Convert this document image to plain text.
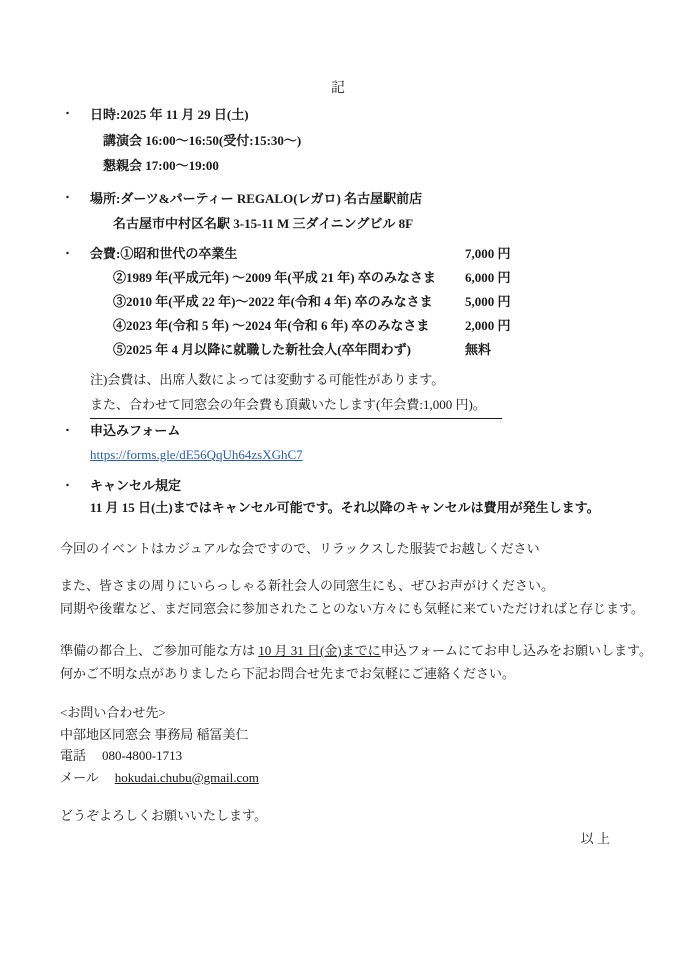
記
・ 日時:2025 年 11 月 29 日(土)
講演会 16:00〜16:50(受付:15:30〜)
懇親会 17:00〜19:00
・ 場所:ダーツ&パーティー REGALO(レガロ) 名古屋駅前店
名古屋市中村区名駅 3-15-11 M 三ダイニングビル 8F
・ 会費:①昭和世代の卒業生	7,000 円
②1989 年(平成元年) 〜2009 年(平成 21 年) 卒のみなさま 6,000 円
③2010 年(平成 22 年)〜2022 年(令和 4 年) 卒のみなさま 5,000 円
④2023 年(令和 5 年) 〜2024 年(令和 6 年) 卒のみなさま	2,000 円
⑤2025 年 4 月以降に就職した新社会人(卒年問わず)	無料
注)会費は、出席人数によっては変動する可能性があります。
また、合わせて同窓会の年会費も頂戴いたします(年会費:1,000 円)。
・ 申込みフォーム
https://forms.gle/dE56QqUh64zsXGhC7
・ キャンセル規定
11 月 15 日(土)まではキャンセル可能です。それ以降のキャンセルは費用が発生します。
今回のイベントはカジュアルな会ですので、リラックスした服装でお越しください
また、皆さまの周りにいらっしゃる新社会人の同窓生にも、ぜひお声がけください。
同期や後輩など、まだ同窓会に参加されたことのない方々にも気軽に来ていただければと存じます。
準備の都合上、ご参加可能な方は 10 月 31 日(金)までに申込フォームにてお申し込みをお願いします。
何かご不明な点がありましたら下記お問合せ先までお気軽にご連絡ください。
<お問い合わせ先>
中部地区同窓会 事務局 稲冨美仁
電話 080-4800-1713
メール hokudai.chubu@gmail.com
どうぞよろしくお願いいたします。
以 上
